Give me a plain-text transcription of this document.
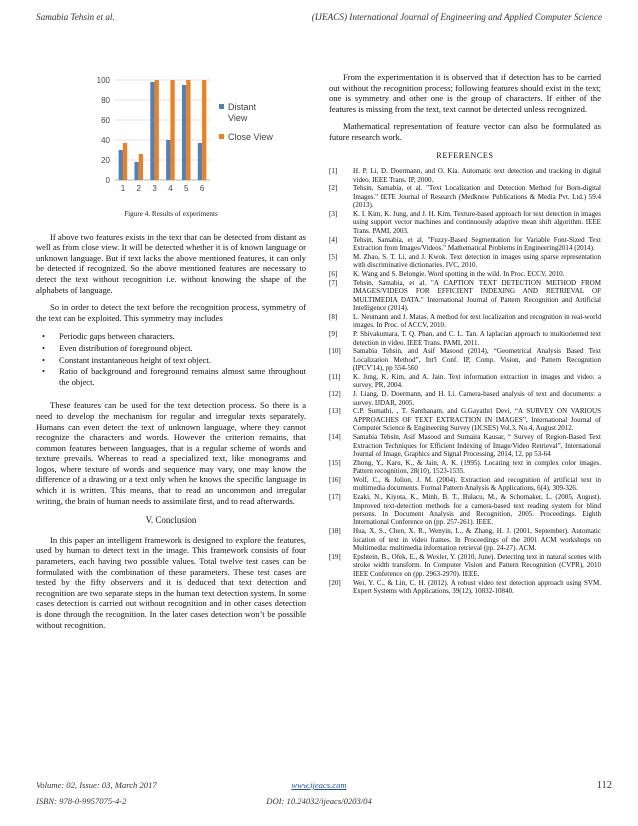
Samabia Tehsin et al.	(IJEACS) International Journal of Engineering and Applied Computer Science
0
20
40
60
80
100
1 2 3 4 5 6
Distant View
Close View
Figure 4. Results of experiments

If above two features exists in the text that can be detected from distant as well as from close view. It will be detected whether it is of known language or unknown language. But if text lacks the above mentioned features, it can only be detected if recognized. So the above mentioned features are necessary to detect the text without recognition i.e. without knowing the shape of the alphabets of language.

So in order to detect the text before the recognition process, symmetry of the text can be exploited. This symmetry may includes

• Periodic gaps between characters.
• Even distribution of foreground object.
• Constant instantaneous height of text object.
• Ratio of background and foreground remains almost same throughout the object.

These features can be used for the text detection process. So there is a need to develop the mechanism for regular and irregular texts separately. Humans can even detect the text of unknown language, where they cannot recognize the characters and words. However the criterion remains, that common features between languages, that is a regular scheme of words and texture prevails. Whereas to read a specialized text, like monograms and logos, where texture of words and sequence may vary, one may know the difference of a drawing or a text only when he knows the specific language in which it is written. This means, that to read an uncommon and irregular writing, the brain of human needs to assimilate first, and to read afterwards.

V. Conclusion

In this paper an intelligent framework is designed to explore the features, used by human to detect text in the image. This framework consists of four parameters, each having two possible values. Total twelve test cases can be formulated with the combination of these parameters. These test cases are tested by the fifty observers and it is deduced that text detection and recognition are two separate steps in the human text detection system. In some cases detection is carried out without recognition and in other cases detection is done through the recognition. In the later cases detection won’t be possible without recognition.

From the experimentation it is observed that if detection has to be carried out without the recognition process; following features should exist in the text; one is symmetry and other one is the group of characters. If either of the features is missing from the text, text cannot be detected unless recognized.

Mathematical representation of feature vector can also be formulated as future research work.

REFERENCES
[1] H. P. Li, D. Doermann, and O. Kia. Automatic text detection and tracking in digital video. IEEE Trans. IP, 2000.
[2] Tehsin, Samabia, et al. "Text Localization and Detection Method for Born-digital Images." IETE Journal of Research (Medknow Publications & Media Pvt. Ltd.) 59.4 (2013).
[3] K. I. Kim, K. Jung, and J. H. Kim. Texture-based approach for text detection in images using support vector machines and continuously adaptive mean shift algorithm. IEEE Trans. PAMI, 2003.
[4] Tehsin, Samabia, et al. "Fuzzy-Based Segmentation for Variable Font-Sized Text Extraction from Images/Videos." Mathematical Problems in Engineering2014 (2014).
[5] M. Zhao, S. T. Li, and J. Kwok. Text detection in images using sparse representation with discriminative dictionaries. IVC, 2010.
[6] K. Wang and S. Belongie. Word spotting in the wild. In Proc. ECCV, 2010.
[7] Tehsin, Samabia, et al. "A CAPTION TEXT DETECTION METHOD FROM IMAGES/VIDEOS FOR EFFICIENT INDEXING AND RETRIEVAL OF MULTIMEDIA DATA." International Journal of Pattern Recognition and Artificial Intelligence (2014).
[8] L. Neumann and J. Matas. A method for text localization and recognition in real-world images. In Proc. of ACCV, 2010.
[9] P. Shivakumara, T. Q. Phan, and C. L. Tan. A laplacian approach to multioriented text detection in video. IEEE Trans. PAMI, 2011.
[10] Samabia Tehsin, and Asif Masood (2014), “Geometrical Analysis Based Text Localization Method”, Int'l Conf. IP, Comp. Vision, and Pattern Recognition (IPCV'14), pp 554-560
[11] K. Jung, K. Kim, and A. Jain. Text information extraction in images and video: a survey. PR, 2004.
[12] J. Liang, D. Doermann, and H. Li. Camera-based analysis of text and documents: a survey. IJDAR, 2005.
[13] C.P. Sumathi, , T. Santhanam, and G.Gayathri Devi, “A SURVEY ON VARIOUS APPROACHES OF TEXT EXTRACTION IN IMAGES”, International Journal of Computer Science & Engineering Survey (IJCSES) Vol.3, No.4, August 2012.
[14] Samabia Tehsin, Asif Masood and Sumaira Kausar, “ Survey of Region-Based Text Extraction Techniques for Efficient Indexing of Image/Video Retrieval”, International Journal of Image, Graphics and Signal Processing, 2014, 12, pp 53-64
[15] Zhong, Y., Karu, K., & Jain, A. K. (1995). Locating text in complex color images. Pattern recognition, 28(10), 1523-1535.
[16] Wolf, C., & Jolion, J. M. (2004). Extraction and recognition of artificial text in multimedia documents. Formal Pattern Analysis & Applications, 6(4), 309-326.
[17] Ezaki, N., Kiyota, K., Minh, B. T., Bulacu, M., & Schomaker, L. (2005, August). Improved text-detection methods for a camera-based text reading system for blind persons. In Document Analysis and Recognition, 2005. Proceedings. Eighth International Conference on (pp. 257-261). IEEE.
[18] Hua, X. S., Chen, X. R., Wenyin, L., & Zhang, H. J. (2001, September). Automatic location of text in video frames. In Proceedings of the 2001 ACM workshops on Multimedia: multimedia information retrieval (pp. 24-27). ACM.
[19] Epshtein, B., Ofek, E., & Wexler, Y. (2010, June). Detecting text in natural scenes with stroke width transform. In Computer Vision and Pattern Recognition (CVPR), 2010 IEEE Conference on (pp. 2963-2970). IEEE.
[20] Wei, Y. C., & Lin, C. H. (2012). A robust video text detection approach using SVM. Expert Systems with Applications, 39(12), 10832-10840.
Volume: 02, Issue: 03, March 2017	www.ijeacs.com	112
ISBN: 978-0-9957075-4-2	DOI: 10.24032/ijeacs/0203/04
